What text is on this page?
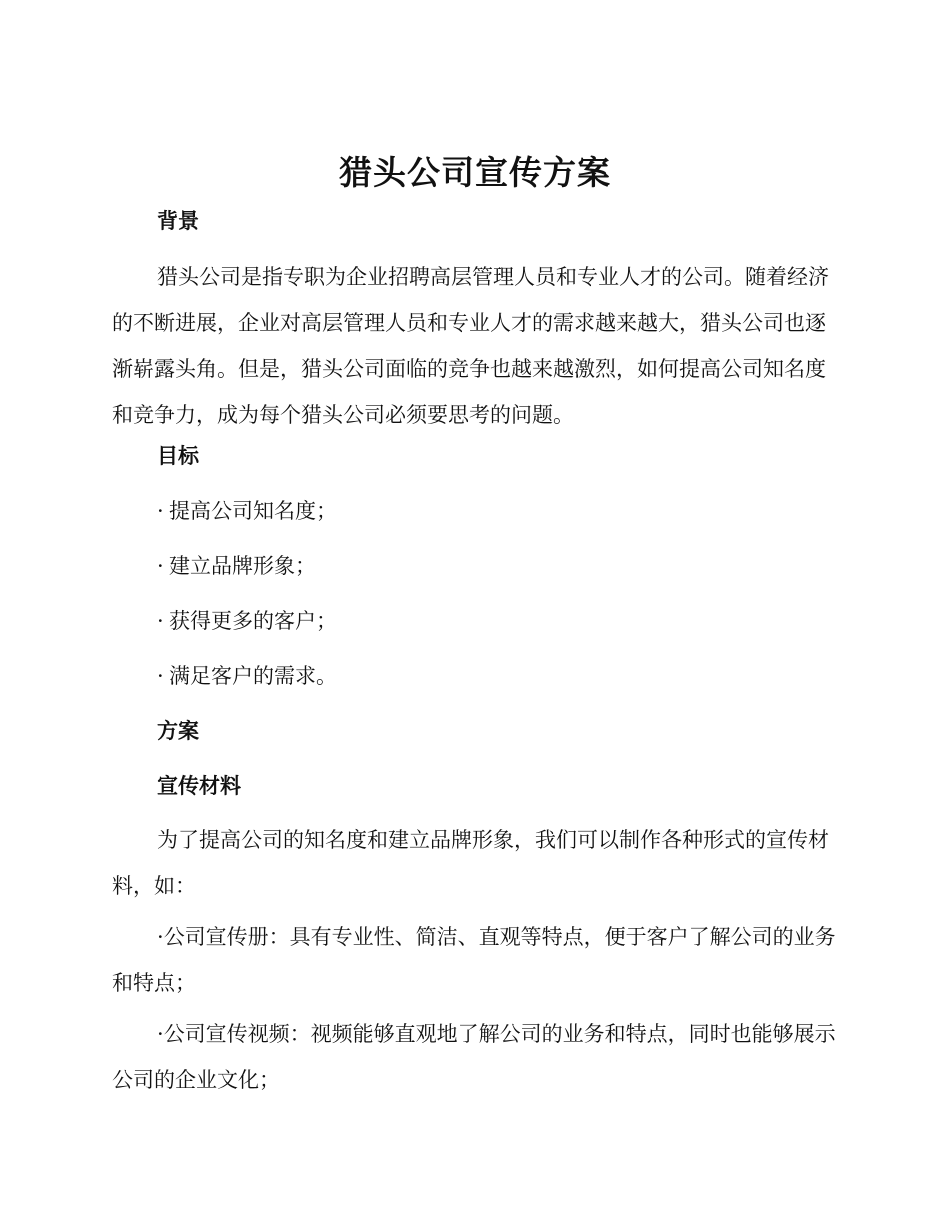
猎头公司宣传方案
背景

猎头公司是指专职为企业招聘高层管理人员和专业人才的公司。随着经济的不断进展，企业对高层管理人员和专业人才的需求越来越大，猎头公司也逐渐崭露头角。但是，猎头公司面临的竞争也越来越激烈，如何提高公司知名度和竞争力，成为每个猎头公司必须要思考的问题。

目标
· 提高公司知名度；
· 建立品牌形象；
· 获得更多的客户；
· 满足客户的需求。
方案
宣传材料

为了提高公司的知名度和建立品牌形象，我们可以制作各种形式的宣传材料，如：

·公司宣传册：具有专业性、简洁、直观等特点，便于客户了解公司的业务和特点；

·公司宣传视频：视频能够直观地了解公司的业务和特点，同时也能够展示公司的企业文化；
